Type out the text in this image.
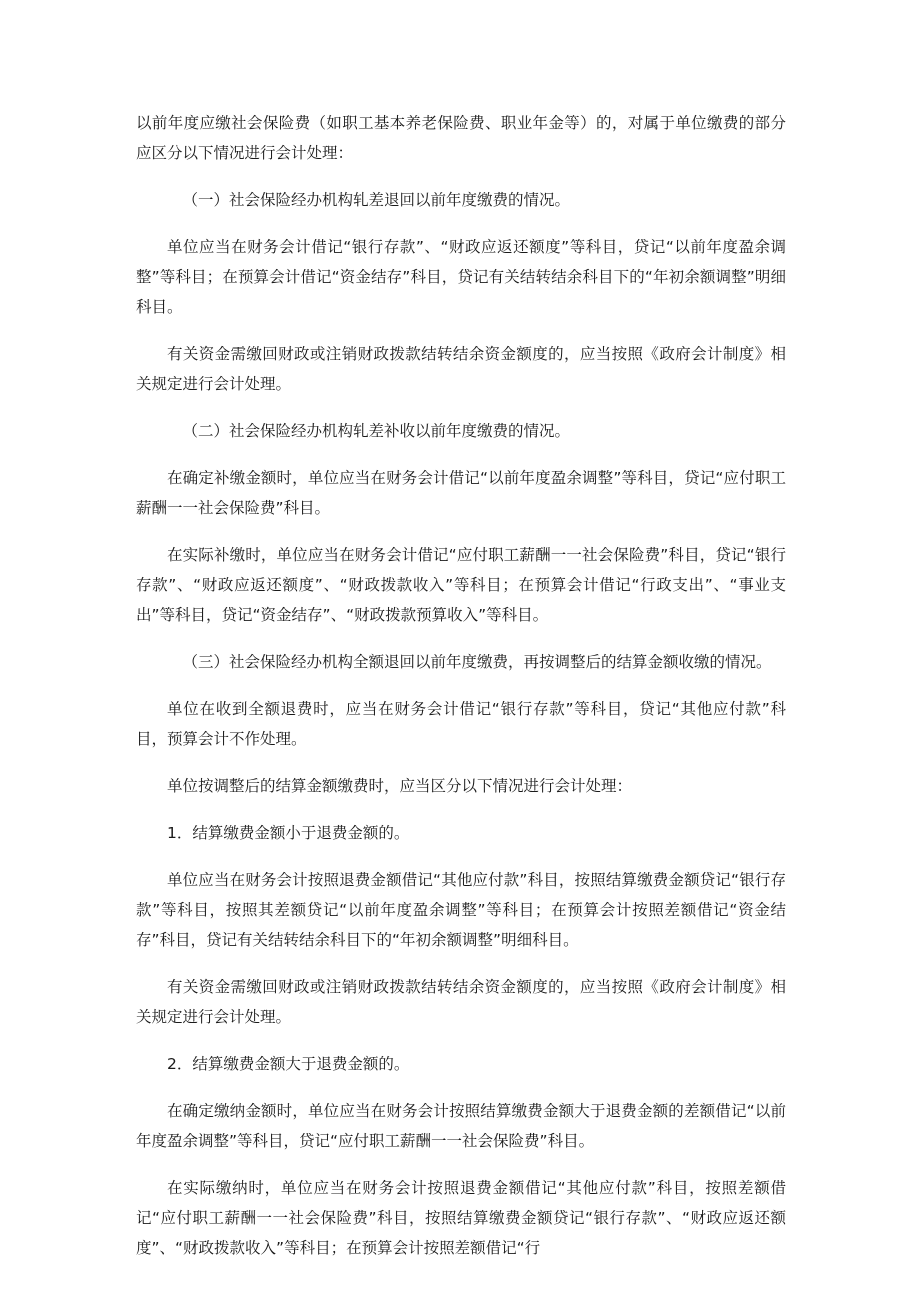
以前年度应缴社会保险费（如职工基本养老保险费、职业年金等）的，对属于单位缴费的部分应区分以下情况进行会计处理：

（一）社会保险经办机构轧差退回以前年度缴费的情况。

单位应当在财务会计借记“银行存款”、“财政应返还额度”等科目，贷记“以前年度盈余调整”等科目；在预算会计借记“资金结存”科目，贷记有关结转结余科目下的“年初余额调整”明细科目。

有关资金需缴回财政或注销财政拨款结转结余资金额度的，应当按照《政府会计制度》相关规定进行会计处理。

（二）社会保险经办机构轧差补收以前年度缴费的情况。

在确定补缴金额时，单位应当在财务会计借记“以前年度盈余调整”等科目，贷记“应付职工薪酬一一社会保险费”科目。

在实际补缴时，单位应当在财务会计借记“应付职工薪酬一一社会保险费”科目，贷记“银行存款”、“财政应返还额度”、“财政拨款收入”等科目；在预算会计借记“行政支出”、“事业支出”等科目，贷记“资金结存”、“财政拨款预算收入”等科目。

（三）社会保险经办机构全额退回以前年度缴费，再按调整后的结算金额收缴的情况。

单位在收到全额退费时，应当在财务会计借记“银行存款”等科目，贷记“其他应付款”科目，预算会计不作处理。

单位按调整后的结算金额缴费时，应当区分以下情况进行会计处理：

1．结算缴费金额小于退费金额的。

单位应当在财务会计按照退费金额借记“其他应付款”科目，按照结算缴费金额贷记“银行存款”等科目，按照其差额贷记“以前年度盈余调整”等科目；在预算会计按照差额借记“资金结存”科目，贷记有关结转结余科目下的“年初余额调整”明细科目。

有关资金需缴回财政或注销财政拨款结转结余资金额度的，应当按照《政府会计制度》相关规定进行会计处理。

2．结算缴费金额大于退费金额的。

在确定缴纳金额时，单位应当在财务会计按照结算缴费金额大于退费金额的差额借记“以前年度盈余调整”等科目，贷记“应付职工薪酬一一社会保险费”科目。

在实际缴纳时，单位应当在财务会计按照退费金额借记“其他应付款”科目，按照差额借记“应付职工薪酬一一社会保险费”科目，按照结算缴费金额贷记“银行存款”、“财政应返还额度”、“财政拨款收入”等科目；在预算会计按照差额借记“行
